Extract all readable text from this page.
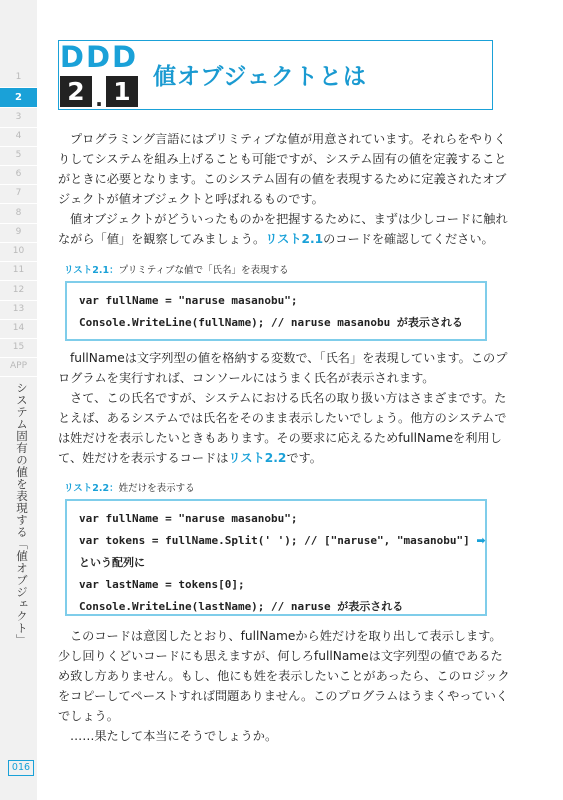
1
2
3
4
5
6
7
8
9
10
11
12
13
14
15
APP
システム固有の値を表現する「値オブジェクト」
016
DDD
2 . 1 値オブジェクトとは
プログラミング言語にはプリミティブな値が用意されています。それらをやりく
りしてシステムを組み上げることも可能ですが、システム固有の値を定義すること
がときに必要となります。このシステム固有の値を表現するために定義されたオブ
ジェクトが値オブジェクトと呼ばれるものです。
値オブジェクトがどういったものかを把握するために、まずは少しコードに触れ
ながら「値」を観察してみましょう。リスト2.1のコードを確認してください。
リスト2.1：プリミティブな値で「氏名」を表現する
var fullName = "naruse masanobu";
Console.WriteLine(fullName); // naruse masanobu が表示される
fullNameは文字列型の値を格納する変数で、「氏名」を表現しています。このプ
ログラムを実行すれば、コンソールにはうまく氏名が表示されます。
さて、この氏名ですが、システムにおける氏名の取り扱い方はさまざまです。た
とえば、あるシステムでは氏名をそのまま表示したいでしょう。他方のシステムで
は姓だけを表示したいときもあります。その要求に応えるためfullNameを利用し
て、姓だけを表示するコードはリスト2.2です。
リスト2.2：姓だけを表示する
var fullName = "naruse masanobu";
var tokens = fullName.Split(' '); // ["naruse", "masanobu"] ➡
という配列に
var lastName = tokens[0];
Console.WriteLine(lastName); // naruse が表示される
このコードは意図したとおり、fullNameから姓だけを取り出して表示します。
少し回りくどいコードにも思えますが、何しろfullNameは文字列型の値であるた
め致し方ありません。もし、他にも姓を表示したいことがあったら、このロジック
をコピーしてペーストすれば問題ありません。このプログラムはうまくやっていく
でしょう。
……果たして本当にそうでしょうか。
